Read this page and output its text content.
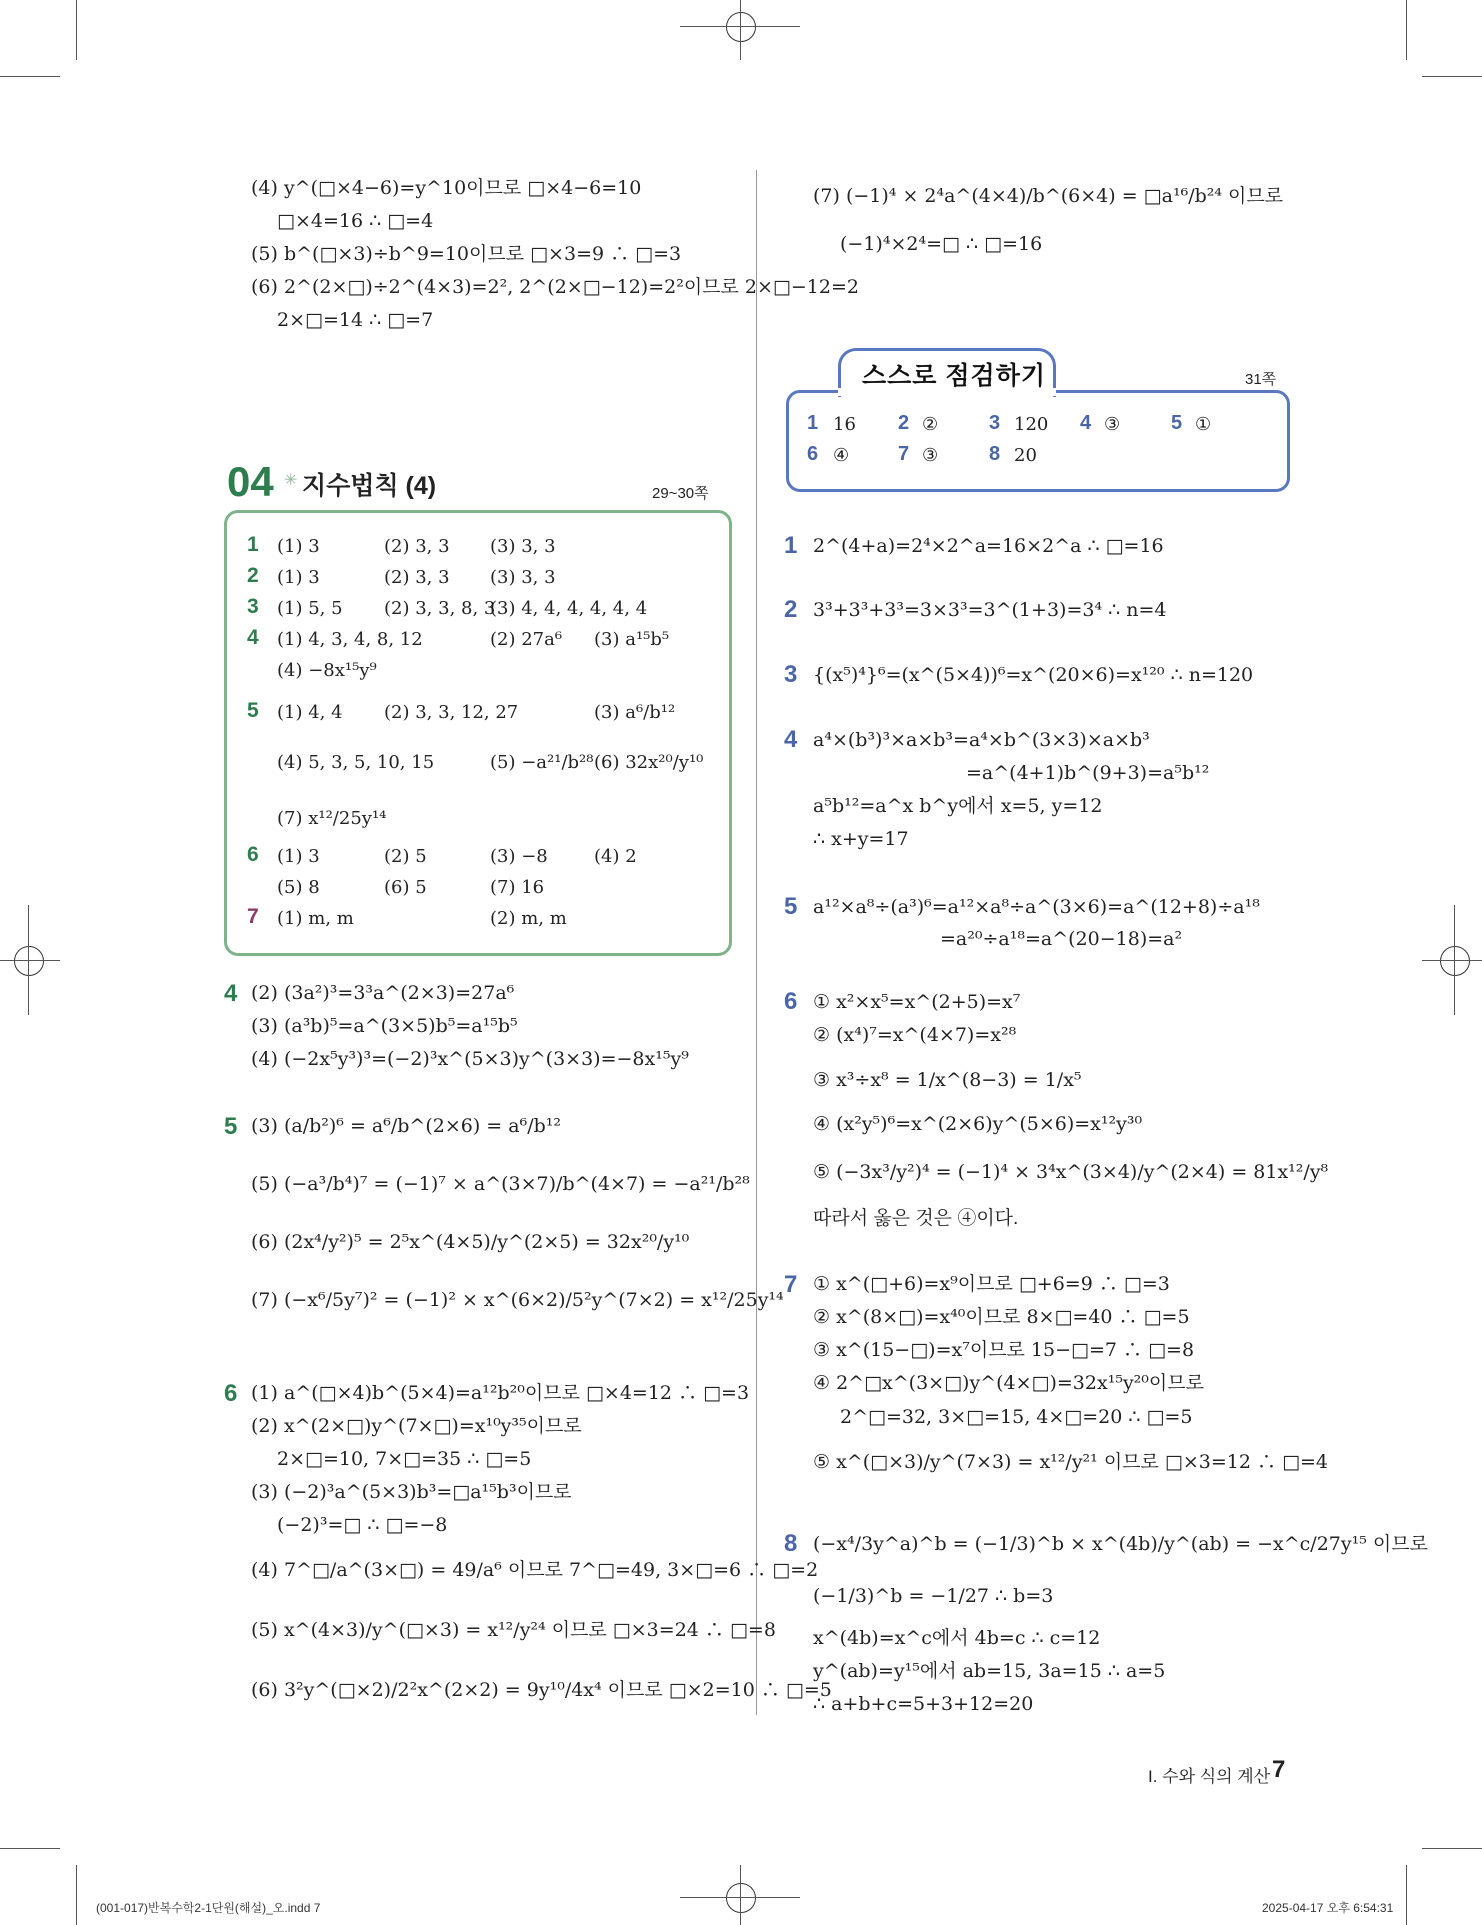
(4) y^(□×4−6)=y^10이므로 □×4−6=10
□×4=16 ∴ □=4
(5) b^(□×3)÷b^9=10이므로 □×3=9 ∴ □=3
(6) 2^(2×□)÷2^(4×3)=2², 2^(2×□−12)=2²이므로 2×□−12=2
2×□=14 ∴ □=7
04 ✳ 지수법칙 (4)	29~30쪽
1 (1) 3	(2) 3, 3 (3) 3, 3
2 (1) 3	(2) 3, 3 (3) 3, 3
3 (1) 5, 5 (2) 3, 3, 8, 3
(3) 4, 4, 4, 4, 4, 4
4 (1) 4, 3, 4, 8, 12	(2) 27a⁶ (3) a¹⁵b⁵
(4) −8x¹⁵y⁹
5 (1) 4, 4 (2) 3, 3, 12, 27	(3) a⁶/b¹²
(4) 5, 3, 5, 10, 15	(5) −a²¹/b²⁸ (6) 32x²⁰/y¹⁰
(7) x¹²/25y¹⁴
6 (1) 3	(2) 5	(3) −8	(4) 2
(5) 8	(6) 5	(7) 16
7 (1) m, m	(2) m, m
4 (2) (3a²)³=3³a^(2×3)=27a⁶
(3) (a³b)⁵=a^(3×5)b⁵=a¹⁵b⁵
(4) (−2x⁵y³)³=(−2)³x^(5×3)y^(3×3)=−8x¹⁵y⁹
5 (3) (a/b²)⁶ = a⁶/b^(2×6) = a⁶/b¹²
(5) (−a³/b⁴)⁷ = (−1)⁷ × a^(3×7)/b^(4×7) = −a²¹/b²⁸
(6) (2x⁴/y²)⁵ = 2⁵x^(4×5)/y^(2×5) = 32x²⁰/y¹⁰
(7) (−x⁶/5y⁷)² = (−1)² × x^(6×2)/5²y^(7×2) = x¹²/25y¹⁴
6 (1) a^(□×4)b^(5×4)=a¹²b²⁰이므로 □×4=12 ∴ □=3
(2) x^(2×□)y^(7×□)=x¹⁰y³⁵이므로
2×□=10, 7×□=35 ∴ □=5
(3) (−2)³a^(5×3)b³=□a¹⁵b³이므로
(−2)³=□ ∴ □=−8
(4) 7^□/a^(3×□) = 49/a⁶ 이므로 7^□=49, 3×□=6 ∴ □=2
(5) x^(4×3)/y^(□×3) = x¹²/y²⁴ 이므로 □×3=24 ∴ □=8
(6) 3²y^(□×2)/2²x^(2×2) = 9y¹⁰/4x⁴ 이므로 □×2=10 ∴ □=5
(7) (−1)⁴ × 2⁴a^(4×4)/b^(6×4) = □a¹⁶/b²⁴ 이므로
(−1)⁴×2⁴=□ ∴ □=16
스스로 점검하기	31쪽
1 16 2 ②	3 120 4 ③	5 ①
6 ④ 7 ③	8 20
1 2^(4+a)=2⁴×2^a=16×2^a ∴ □=16
2 3³+3³+3³=3×3³=3^(1+3)=3⁴ ∴ n=4
3 {(x⁵)⁴}⁶=(x^(5×4))⁶=x^(20×6)=x¹²⁰ ∴ n=120
4 a⁴×(b³)³×a×b³=a⁴×b^(3×3)×a×b³
=a^(4+1)b^(9+3)=a⁵b¹²
a⁵b¹²=a^x b^y에서 x=5, y=12
∴ x+y=17
5 a¹²×a⁸÷(a³)⁶=a¹²×a⁸÷a^(3×6)=a^(12+8)÷a¹⁸
=a²⁰÷a¹⁸=a^(20−18)=a²
6 ① x²×x⁵=x^(2+5)=x⁷
② (x⁴)⁷=x^(4×7)=x²⁸
③ x³÷x⁸ = 1/x^(8−3) = 1/x⁵
④ (x²y⁵)⁶=x^(2×6)y^(5×6)=x¹²y³⁰
⑤ (−3x³/y²)⁴ = (−1)⁴ × 3⁴x^(3×4)/y^(2×4) = 81x¹²/y⁸
따라서 옳은 것은 ④이다.
7 ① x^(□+6)=x⁹이므로 □+6=9 ∴ □=3
② x^(8×□)=x⁴⁰이므로 8×□=40 ∴ □=5
③ x^(15−□)=x⁷이므로 15−□=7 ∴ □=8
④ 2^□x^(3×□)y^(4×□)=32x¹⁵y²⁰이므로
2^□=32, 3×□=15, 4×□=20 ∴ □=5
⑤ x^(□×3)/y^(7×3) = x¹²/y²¹ 이므로 □×3=12 ∴ □=4
8 (−x⁴/3y^a)^b = (−1/3)^b × x^(4b)/y^(ab) = −x^c/27y¹⁵ 이므로
(−1/3)^b = −1/27 ∴ b=3
x^(4b)=x^c에서 4b=c ∴ c=12
y^(ab)=y¹⁵에서 ab=15, 3a=15 ∴ a=5
∴ a+b+c=5+3+12=20
I. 수와 식의 계산 7
(001-017)반복수학2-1단원(해설)_오.indd 7	2025-04-17 오후 6:54:31
